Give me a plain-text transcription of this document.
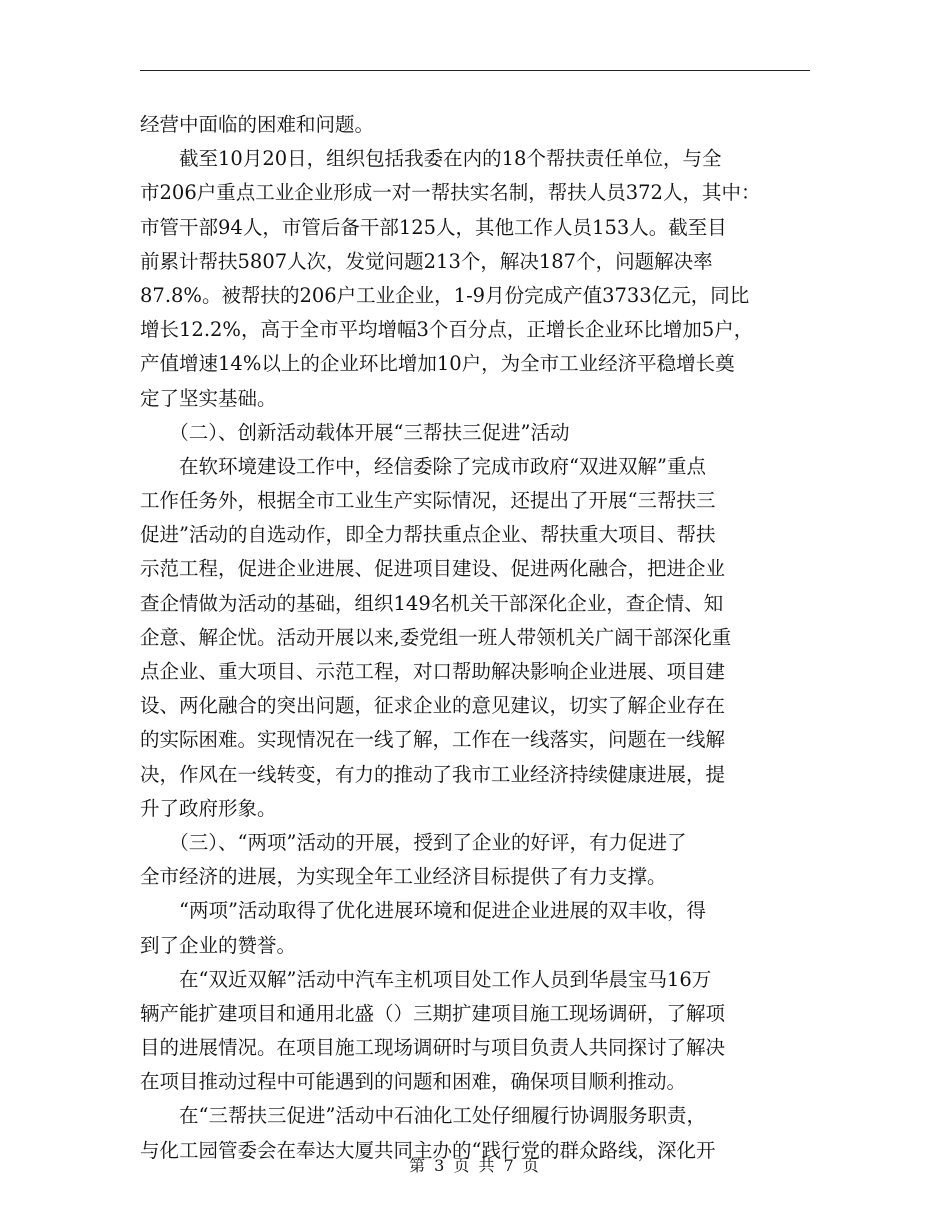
经营中面临的困难和问题。
　　截至10月20日，组织包括我委在内的18个帮扶责任单位，与全
市206户重点工业企业形成一对一帮扶实名制，帮扶人员372人，其中：
市管干部94人，市管后备干部125人，其他工作人员153人。截至目
前累计帮扶5807人次，发觉问题213个，解决187个，问题解决率
87.8%。被帮扶的206户工业企业，1-9月份完成产值3733亿元，同比
增长12.2%，高于全市平均增幅3个百分点，正增长企业环比增加5户，
产值增速14%以上的企业环比增加10户，为全市工业经济平稳增长奠
定了坚实基础。
　　（二）、创新活动载体开展“三帮扶三促进”活动
　　在软环境建设工作中，经信委除了完成市政府“双进双解”重点
工作任务外，根据全市工业生产实际情况，还提出了开展“三帮扶三
促进”活动的自选动作，即全力帮扶重点企业、帮扶重大项目、帮扶
示范工程，促进企业进展、促进项目建设、促进两化融合，把进企业
查企情做为活动的基础，组织149名机关干部深化企业，查企情、知
企意、解企忧。活动开展以来,委党组一班人带领机关广阔干部深化重
点企业、重大项目、示范工程，对口帮助解决影响企业进展、项目建
设、两化融合的突出问题，征求企业的意见建议，切实了解企业存在
的实际困难。实现情况在一线了解，工作在一线落实，问题在一线解
决，作风在一线转变，有力的推动了我市工业经济持续健康进展，提
升了政府形象。
　　（三）、“两项”活动的开展，授到了企业的好评，有力促进了
全市经济的进展，为实现全年工业经济目标提供了有力支撑。
　　“两项”活动取得了优化进展环境和促进企业进展的双丰收，得
到了企业的赞誉。
　　在“双近双解”活动中汽车主机项目处工作人员到华晨宝马16万
辆产能扩建项目和通用北盛（）三期扩建项目施工现场调研，了解项
目的进展情况。在项目施工现场调研时与项目负责人共同探讨了解决
在项目推动过程中可能遇到的问题和困难，确保项目顺利推动。
　　在“三帮扶三促进”活动中石油化工处仔细履行协调服务职责，
与化工园管委会在奉达大厦共同主办的“践行党的群众路线，深化开
第 3 页 共 7 页
